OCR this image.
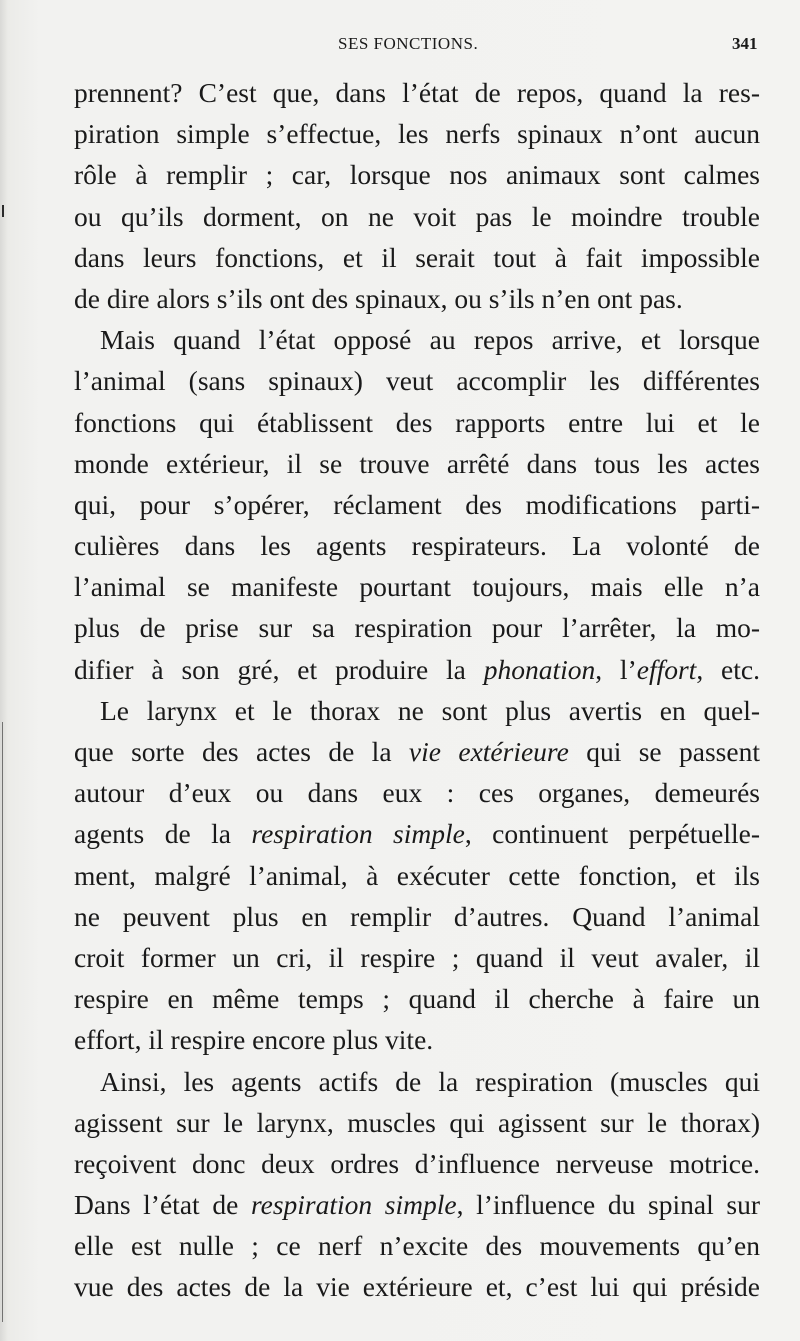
SES FONCTIONS.	341
prennent? C’est que, dans l’état de repos, quand la res-
piration simple s’effectue, les nerfs spinaux n’ont aucun
rôle à remplir ; car, lorsque nos animaux sont calmes
ou qu’ils dorment, on ne voit pas le moindre trouble
dans leurs fonctions, et il serait tout à fait impossible
de dire alors s’ils ont des spinaux, ou s’ils n’en ont pas.
Mais quand l’état opposé au repos arrive, et lorsque
l’animal (sans spinaux) veut accomplir les différentes
fonctions qui établissent des rapports entre lui et le
monde extérieur, il se trouve arrêté dans tous les actes
qui, pour s’opérer, réclament des modifications parti-
culières dans les agents respirateurs. La volonté de
l’animal se manifeste pourtant toujours, mais elle n’a
plus de prise sur sa respiration pour l’arrêter, la mo-
difier à son gré, et produire la phonation, l’effort, etc.
Le larynx et le thorax ne sont plus avertis en quel-
que sorte des actes de la vie extérieure qui se passent
autour d’eux ou dans eux : ces organes, demeurés
agents de la respiration simple, continuent perpétuelle-
ment, malgré l’animal, à exécuter cette fonction, et ils
ne peuvent plus en remplir d’autres. Quand l’animal
croit former un cri, il respire ; quand il veut avaler, il
respire en même temps ; quand il cherche à faire un
effort, il respire encore plus vite.
Ainsi, les agents actifs de la respiration (muscles qui
agissent sur le larynx, muscles qui agissent sur le thorax)
reçoivent donc deux ordres d’influence nerveuse motrice.
Dans l’état de respiration simple, l’influence du spinal sur
elle est nulle ; ce nerf n’excite des mouvements qu’en
vue des actes de la vie extérieure et, c’est lui qui préside
